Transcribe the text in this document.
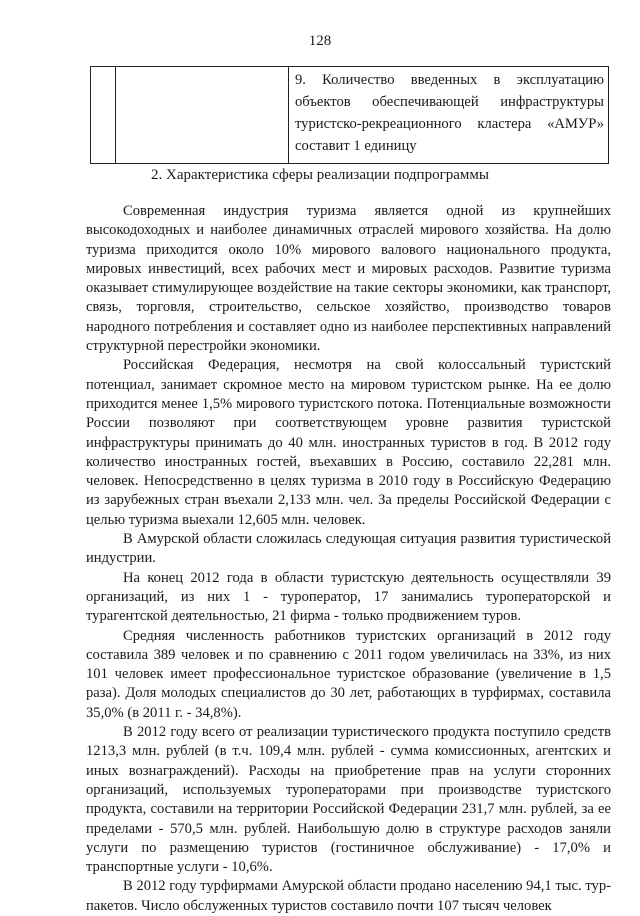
128
		9. Количество введенных в эксплуатацию объектов обеспечивающей инфраструктуры туристско-рекреационного кластера «АМУР» составит 1 единицу
2. Характеристика сферы реализации подпрограммы

Современная индустрия туризма является одной из крупнейших высокодоходных и наиболее динамичных отраслей мирового хозяйства. На долю туризма приходится около 10% мирового валового национального продукта, мировых инвестиций, всех рабочих мест и мировых расходов. Развитие туризма оказывает стимулирующее воздействие на такие секторы экономики, как транспорт, связь, торговля, строительство, сельское хозяйство, производство товаров народного потребления и составляет одно из наиболее перспективных направлений структурной перестройки экономики.

Российская Федерация, несмотря на свой колоссальный туристский потенциал, занимает скромное место на мировом туристском рынке. На ее долю приходится менее 1,5% мирового туристского потока. Потенциальные возможности России позволяют при соответствующем уровне развития туристской инфраструктуры принимать до 40 млн. иностранных туристов в год. В 2012 году количество иностранных гостей, въехавших в Россию, составило 22,281 млн. человек. Непосредственно в целях туризма в 2010 году в Российскую Федерацию из зарубежных стран въехали 2,133 млн. чел. За пределы Российской Федерации с целью туризма выехали 12,605 млн. человек.

В Амурской области сложилась следующая ситуация развития туристической индустрии.

На конец 2012 года в области туристскую деятельность осуществляли 39 организаций, из них 1 - туроператор, 17 занимались туроператорской и турагентской деятельностью, 21 фирма - только продвижением туров.

Средняя численность работников туристских организаций в 2012 году составила 389 человек и по сравнению с 2011 годом увеличилась на 33%, из них 101 человек имеет профессиональное туристское образование (увеличение в 1,5 раза). Доля молодых специалистов до 30 лет, работающих в турфирмах, составила 35,0% (в 2011 г. - 34,8%).

В 2012 году всего от реализации туристического продукта поступило средств 1213,3 млн. рублей (в т.ч. 109,4 млн. рублей - сумма комиссионных, агентских и иных вознаграждений). Расходы на приобретение прав на услуги сторонних организаций, используемых туроператорами при производстве туристского продукта, составили на территории Российской Федерации 231,7 млн. рублей, за ее пределами - 570,5 млн. рублей. Наибольшую долю в структуре расходов заняли услуги по размещению туристов (гостиничное обслуживание) - 17,0% и транспортные услуги - 10,6%.

В 2012 году турфирмами Амурской области продано населению 94,1 тыс. тур-пакетов. Число обслуженных туристов составило почти 107 тысяч человек
